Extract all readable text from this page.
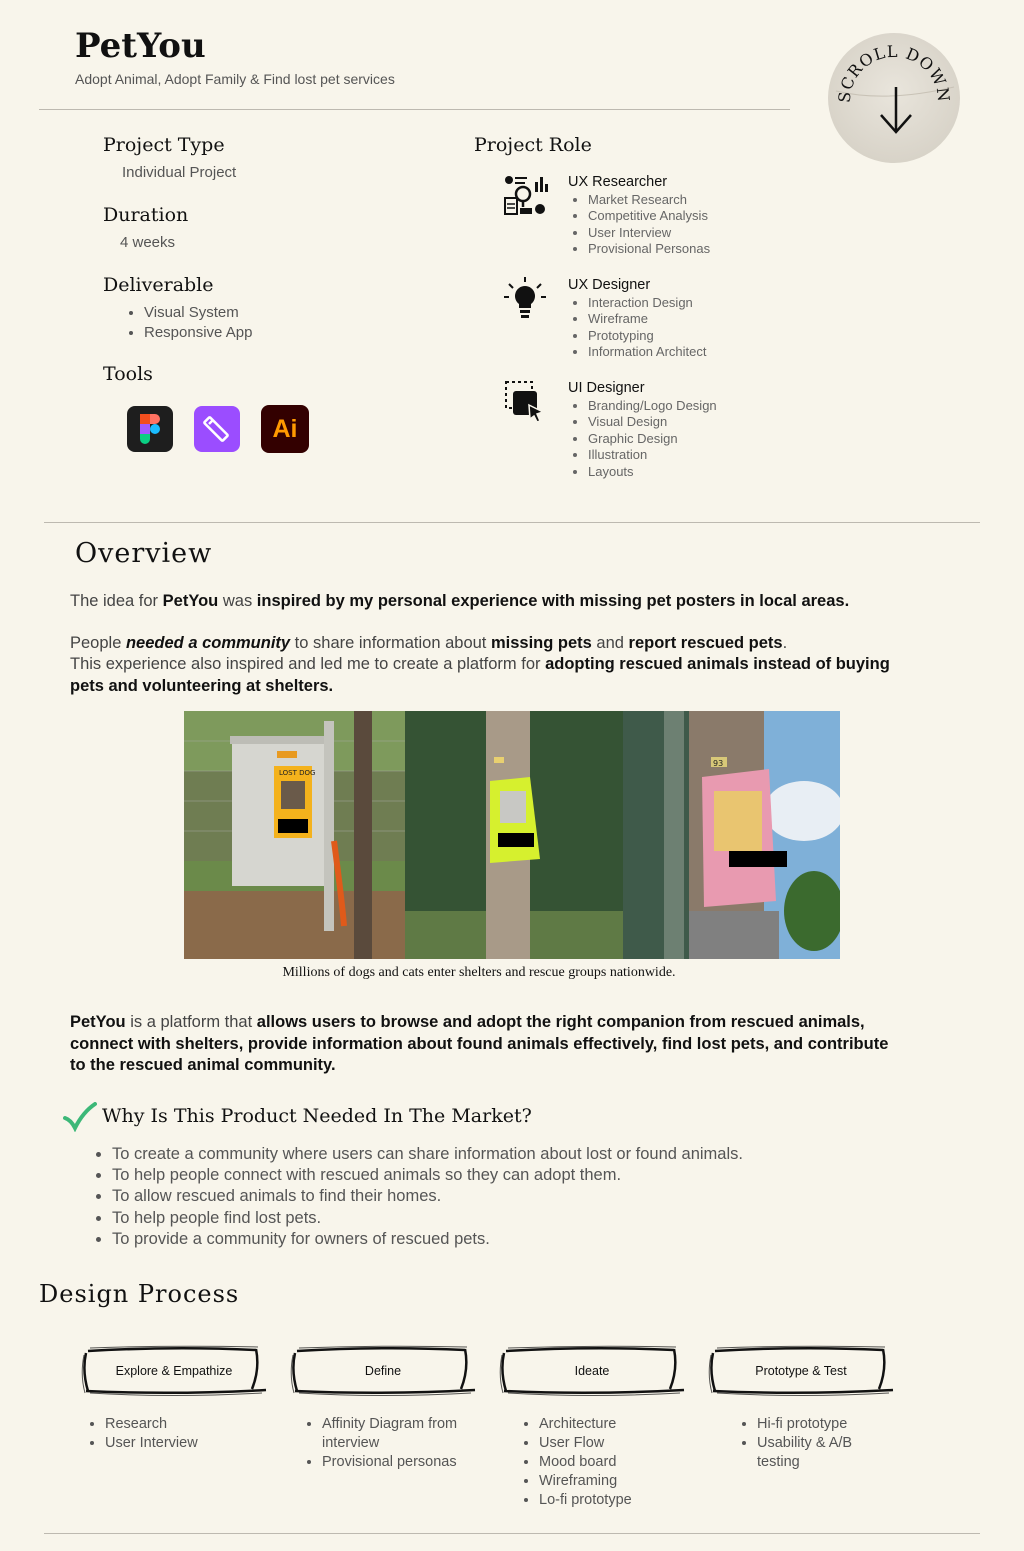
PetYou
Adopt Animal, Adopt Family & Find lost pet services
SCROLL DOWN
Project Type
Individual Project
Duration
4 weeks
Deliverable
• Visual System
• Responsive App
Tools
Ai
Project Role
UX Researcher
• Market Research
• Competitive Analysis
• User Interview
• Provisional Personas
UX Designer
• Interaction Design
• Wireframe
• Prototyping
• Information Architect
UI Designer
• Branding/Logo Design
• Visual Design
• Graphic Design
• Illustration
• Layouts
Overview
The idea for PetYou was inspired by my personal experience with missing pet posters in local areas.
People needed a community to share information about missing pets and report rescued pets.
This experience also inspired and led me to create a platform for adopting rescued animals instead of buying pets and volunteering at shelters.
LOST DOG
93
Millions of dogs and cats enter shelters and rescue groups nationwide.
PetYou is a platform that allows users to browse and adopt the right companion from rescued animals, connect with shelters, provide information about found animals effectively, find lost pets, and contribute to the rescued animal community.
Why Is This Product Needed In The Market?
• To create a community where users can share information about lost or found animals.
• To help people connect with rescued animals so they can adopt them.
• To allow rescued animals to find their homes.
• To help people find lost pets.
• To provide a community for owners of rescued pets.
Design Process
Explore & Empathize
• Research
• User Interview
Define
• Affinity Diagram from interview
• Provisional personas
Ideate
• Architecture
• User Flow
• Mood board
• Wireframing
• Lo-fi prototype
Prototype & Test
• Hi-fi prototype
• Usability & A/B testing
